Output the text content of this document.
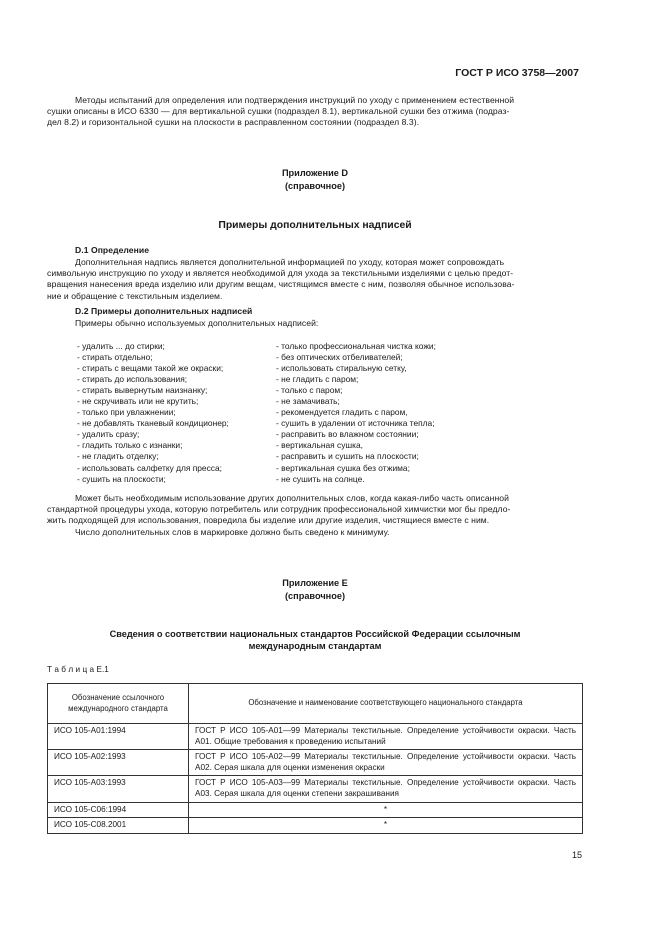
ГОСТ Р ИСО 3758—2007
Методы испытаний для определения или подтверждения инструкций по уходу с применением естественной
сушки описаны в ИСО 6330 — для вертикальной сушки (подраздел 8.1), вертикальной сушки без отжима (подраз-
дел 8.2) и горизонтальной сушки на плоскости в расправленном состоянии (подраздел 8.3).
Приложение D
(справочное)
Примеры дополнительных надписей
D.1 Определение
Дополнительная надпись является дополнительной информацией по уходу, которая может сопровождать
символьную инструкцию по уходу и является необходимой для ухода за текстильными изделиями с целью предот-
вращения нанесения вреда изделию или другим вещам, чистящимся вместе с ним, позволяя обычное использова-
ние и обращение с текстильным изделием.
D.2 Примеры дополнительных надписей
Примеры обычно используемых дополнительных надписей:
- удалить ... до стирки;
- стирать отдельно;
- стирать с вещами такой же окраски;
- стирать до использования;
- стирать вывернутым наизнанку;
- не скручивать или не крутить;
- только при увлажнении;
- не добавлять тканевый кондиционер;
- удалить сразу;
- гладить только с изнанки;
- не гладить отделку;
- использовать салфетку для пресса;
- сушить на плоскости;
- только профессиональная чистка кожи;
- без оптических отбеливателей;
- использовать стиральную сетку,
- не гладить с паром;
- только с паром;
- не замачивать;
- рекомендуется гладить с паром,
- сушить в удалении от источника тепла;
- расправить во влажном состоянии;
- вертикальная сушка,
- расправить и сушить на плоскости;
- вертикальная сушка без отжима;
- не сушить на солнце.
Может быть необходимым использование других дополнительных слов, когда какая-либо часть описанной
стандартной процедуры ухода, которую потребитель или сотрудник профессиональной химчистки мог бы предло-
жить подходящей для использования, повредила бы изделие или другие изделия, чистящиеся вместе с ним.
Число дополнительных слов в маркировке должно быть сведено к минимуму.
Приложение E
(справочное)
Сведения о соответствии национальных стандартов Российской Федерации ссылочным
международным стандартам
Т а б л и ц а E.1
Обозначение ссылочного международного стандарта	Обозначение и наименование соответствующего национального стандарта
ИСО 105-А01:1994	ГОСТ Р ИСО 105-А01—99 Материалы текстильные. Определение устойчивости окраски. Часть А01. Общие требования к проведению испытаний
ИСО 105-А02:1993	ГОСТ Р ИСО 105-А02—99 Материалы текстильные. Определение устойчивости окраски. Часть А02. Серая шкала для оценки изменения окраски
ИСО 105-А03:1993	ГОСТ Р ИСО 105-А03—99 Материалы текстильные. Определение устойчивости окраски. Часть А03. Серая шкала для оценки степени закрашивания
ИСО 105-С06:1994	*
ИСО 105-С08.2001	*
15
